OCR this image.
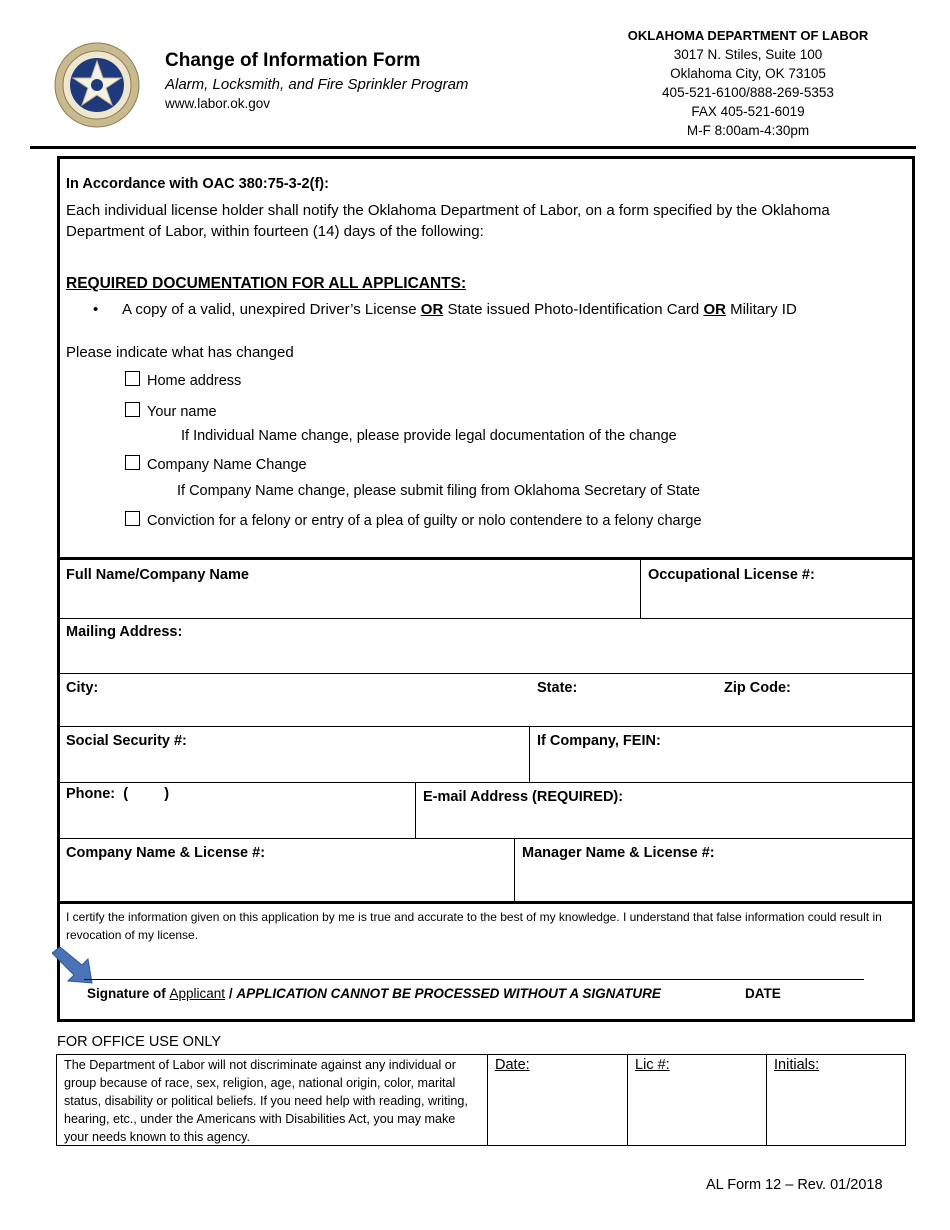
Change of Information Form
Alarm, Locksmith, and Fire Sprinkler Program
www.labor.ok.gov
OKLAHOMA DEPARTMENT OF LABOR
3017 N. Stiles, Suite 100
Oklahoma City, OK 73105
405-521-6100/888-269-5353
FAX 405-521-6019
M-F 8:00am-4:30pm
In Accordance with OAC 380:75-3-2(f):
Each individual license holder shall notify the Oklahoma Department of Labor, on a form specified by the Oklahoma Department of Labor, within fourteen (14) days of the following:
REQUIRED DOCUMENTATION FOR ALL APPLICANTS:
• A copy of a valid, unexpired Driver’s License OR State issued Photo-Identification Card OR Military ID
Please indicate what has changed
Home address
Your name
If Individual Name change, please provide legal documentation of the change
Company Name Change
If Company Name change, please submit filing from Oklahoma Secretary of State
Conviction for a felony or entry of a plea of guilty or nolo contendere to a felony charge
Full Name/Company Name	Occupational License #:
Mailing Address:
City:	State:	Zip Code:
Social Security #:	If Company, FEIN:
Phone:  (         )	E-mail Address (REQUIRED):
Company Name & License #:	Manager Name & License #:
I certify the information given on this application by me is true and accurate to the best of my knowledge. I understand that false information could result in revocation of my license.
Signature of Applicant / APPLICATION CANNOT BE PROCESSED WITHOUT A SIGNATURE	DATE
FOR OFFICE USE ONLY
The Department of Labor will not discriminate against any individual or group because of race, sex, religion, age, national origin, color, marital status, disability or political beliefs. If you need help with reading, writing, hearing, etc., under the Americans with Disabilities Act, you may make your needs known to this agency.
Date:	Lic #:	Initials:
AL Form 12 – Rev. 01/2018
